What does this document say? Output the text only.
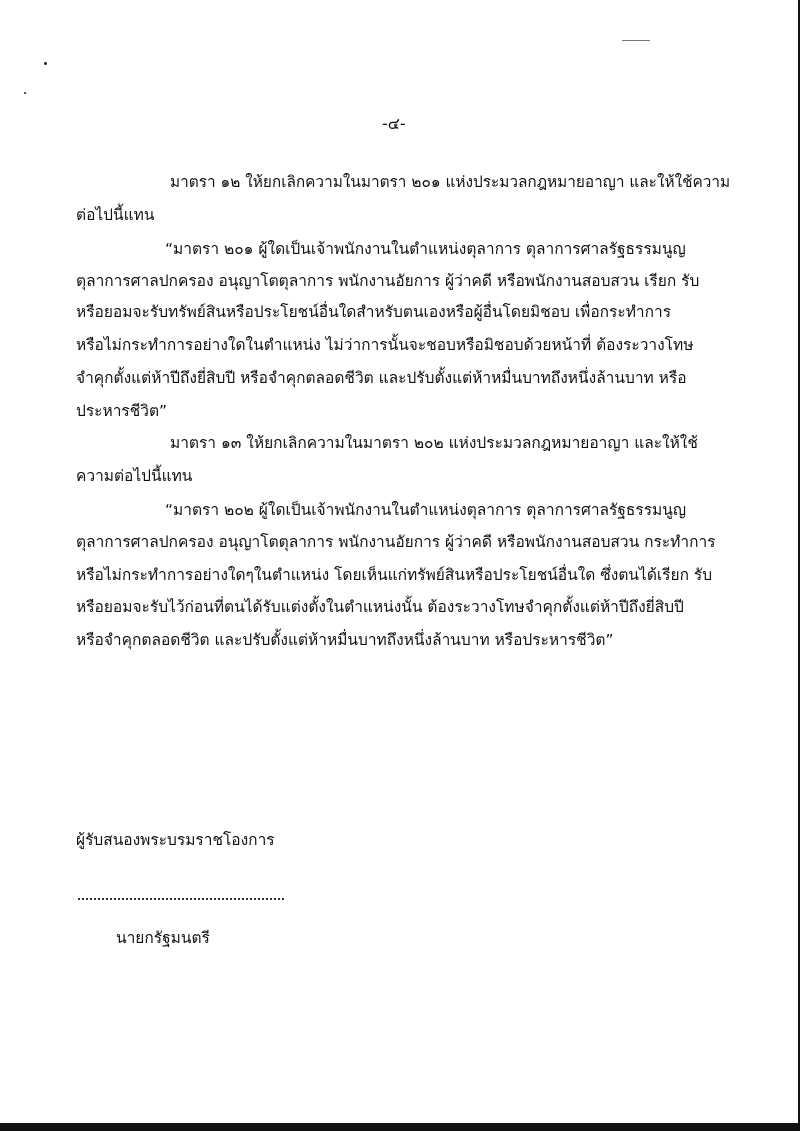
-๔-
มาตรา ๑๒ ให้ยกเลิกความในมาตรา ๒๐๑ แห่งประมวลกฎหมายอาญา และให้ใช้ความ
ต่อไปนี้แทน
“มาตรา ๒๐๑ ผู้ใดเป็นเจ้าพนักงานในตำแหน่งตุลาการ ตุลาการศาลรัฐธรรมนูญ
ตุลาการศาลปกครอง อนุญาโตตุลาการ พนักงานอัยการ ผู้ว่าคดี หรือพนักงานสอบสวน เรียก รับ
หรือยอมจะรับทรัพย์สินหรือประโยชน์อื่นใดสำหรับตนเองหรือผู้อื่นโดยมิชอบ เพื่อกระทำการ
หรือไม่กระทำการอย่างใดในตำแหน่ง ไม่ว่าการนั้นจะชอบหรือมิชอบด้วยหน้าที่ ต้องระวางโทษ
จำคุกตั้งแต่ห้าปีถึงยี่สิบปี หรือจำคุกตลอดชีวิต และปรับตั้งแต่ห้าหมื่นบาทถึงหนึ่งล้านบาท หรือ
ประหารชีวิต”
มาตรา ๑๓ ให้ยกเลิกความในมาตรา ๒๐๒ แห่งประมวลกฎหมายอาญา และให้ใช้
ความต่อไปนี้แทน
“มาตรา ๒๐๒ ผู้ใดเป็นเจ้าพนักงานในตำแหน่งตุลาการ ตุลาการศาลรัฐธรรมนูญ
ตุลาการศาลปกครอง อนุญาโตตุลาการ พนักงานอัยการ ผู้ว่าคดี หรือพนักงานสอบสวน กระทำการ
หรือไม่กระทำการอย่างใดๆในตำแหน่ง โดยเห็นแก่ทรัพย์สินหรือประโยชน์อื่นใด ซึ่งตนได้เรียก รับ
หรือยอมจะรับไว้ก่อนที่ตนได้รับแต่งตั้งในตำแหน่งนั้น ต้องระวางโทษจำคุกตั้งแต่ห้าปีถึงยี่สิบปี
หรือจำคุกตลอดชีวิต และปรับตั้งแต่ห้าหมื่นบาทถึงหนึ่งล้านบาท หรือประหารชีวิต”
ผู้รับสนองพระบรมราชโองการ
นายกรัฐมนตรี
